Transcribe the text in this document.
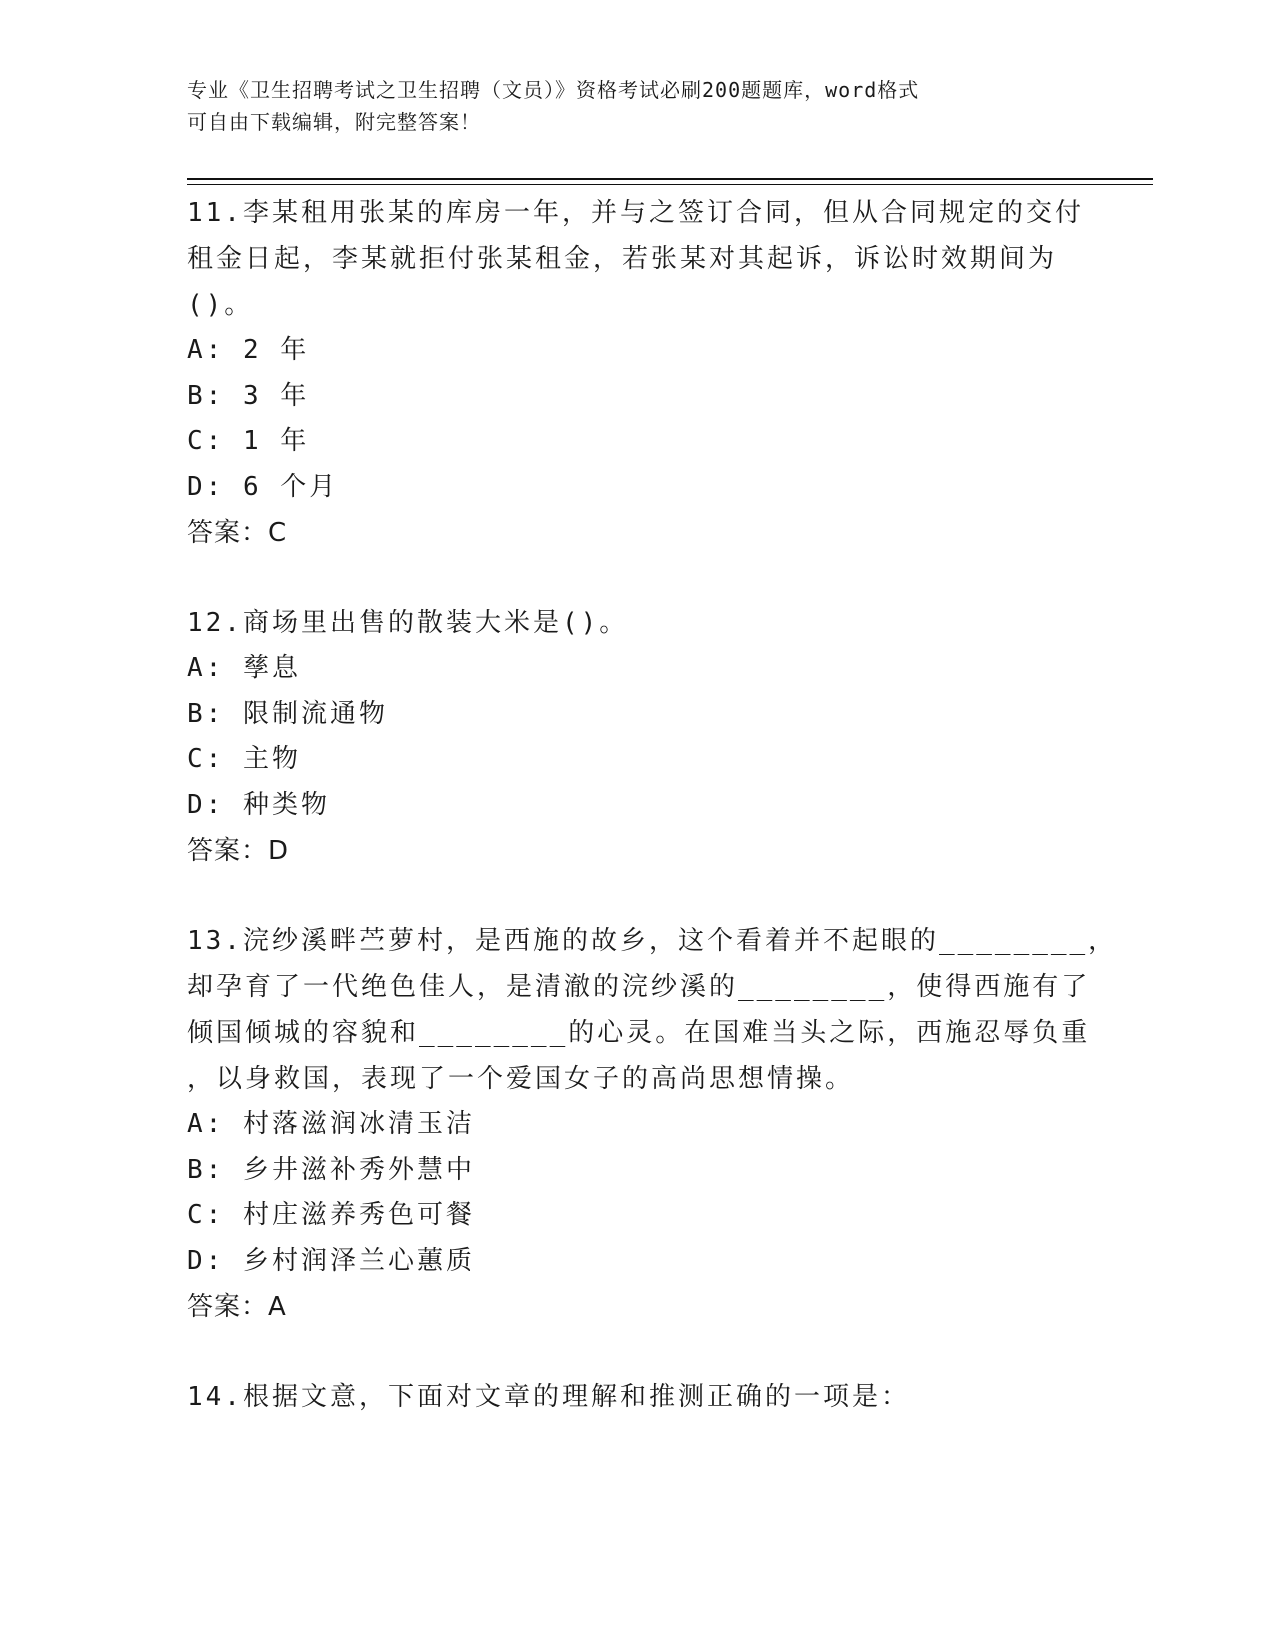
专业《卫生招聘考试之卫生招聘（文员）》资格考试必刷200题题库，word格式
可自由下载编辑，附完整答案！
11.李某租用张某的库房一年，并与之签订合同，但从合同规定的交付
租金日起，李某就拒付张某租金，若张某对其起诉，诉讼时效期间为
()。
A: 2 年
B: 3 年
C: 1 年
D: 6 个月
答案：C
12.商场里出售的散装大米是()。
A: 孳息
B: 限制流通物
C: 主物
D: 种类物
答案：D
13.浣纱溪畔苎萝村，是西施的故乡，这个看着并不起眼的________，
却孕育了一代绝色佳人，是清澈的浣纱溪的________，使得西施有了
倾国倾城的容貌和________的心灵。在国难当头之际，西施忍辱负重
，以身救国，表现了一个爱国女子的高尚思想情操。
A: 村落滋润冰清玉洁
B: 乡井滋补秀外慧中
C: 村庄滋养秀色可餐
D: 乡村润泽兰心蕙质
答案：A
14.根据文意，下面对文章的理解和推测正确的一项是：
